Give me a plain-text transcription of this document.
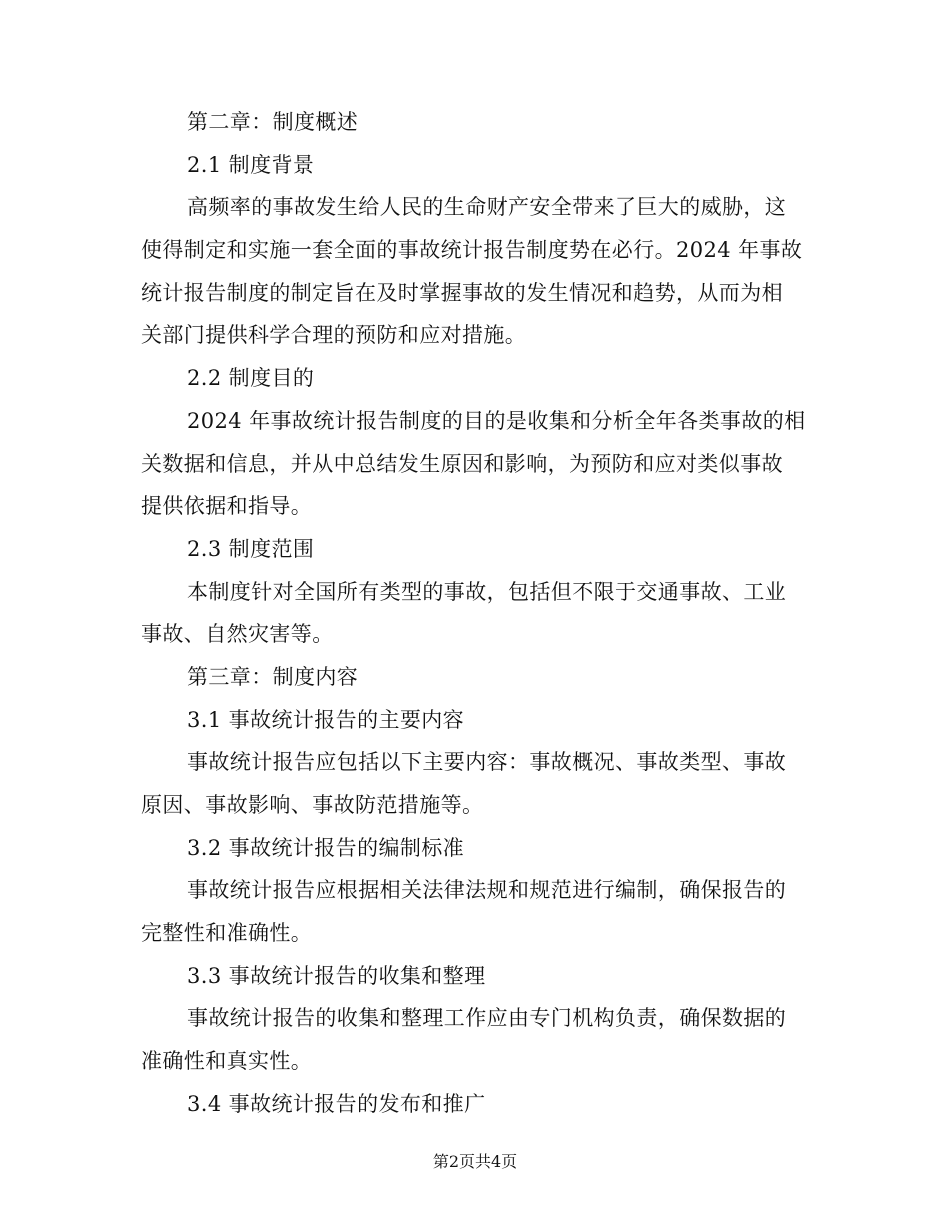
第二章：制度概述
2.1 制度背景
高频率的事故发生给人民的生命财产安全带来了巨大的威胁，这
使得制定和实施一套全面的事故统计报告制度势在必行。2024 年事故
统计报告制度的制定旨在及时掌握事故的发生情况和趋势，从而为相
关部门提供科学合理的预防和应对措施。
2.2 制度目的
2024 年事故统计报告制度的目的是收集和分析全年各类事故的相
关数据和信息，并从中总结发生原因和影响，为预防和应对类似事故
提供依据和指导。
2.3 制度范围
本制度针对全国所有类型的事故，包括但不限于交通事故、工业
事故、自然灾害等。
第三章：制度内容
3.1 事故统计报告的主要内容
事故统计报告应包括以下主要内容：事故概况、事故类型、事故
原因、事故影响、事故防范措施等。
3.2 事故统计报告的编制标准
事故统计报告应根据相关法律法规和规范进行编制，确保报告的
完整性和准确性。
3.3 事故统计报告的收集和整理
事故统计报告的收集和整理工作应由专门机构负责，确保数据的
准确性和真实性。
3.4 事故统计报告的发布和推广
第2页共4页
